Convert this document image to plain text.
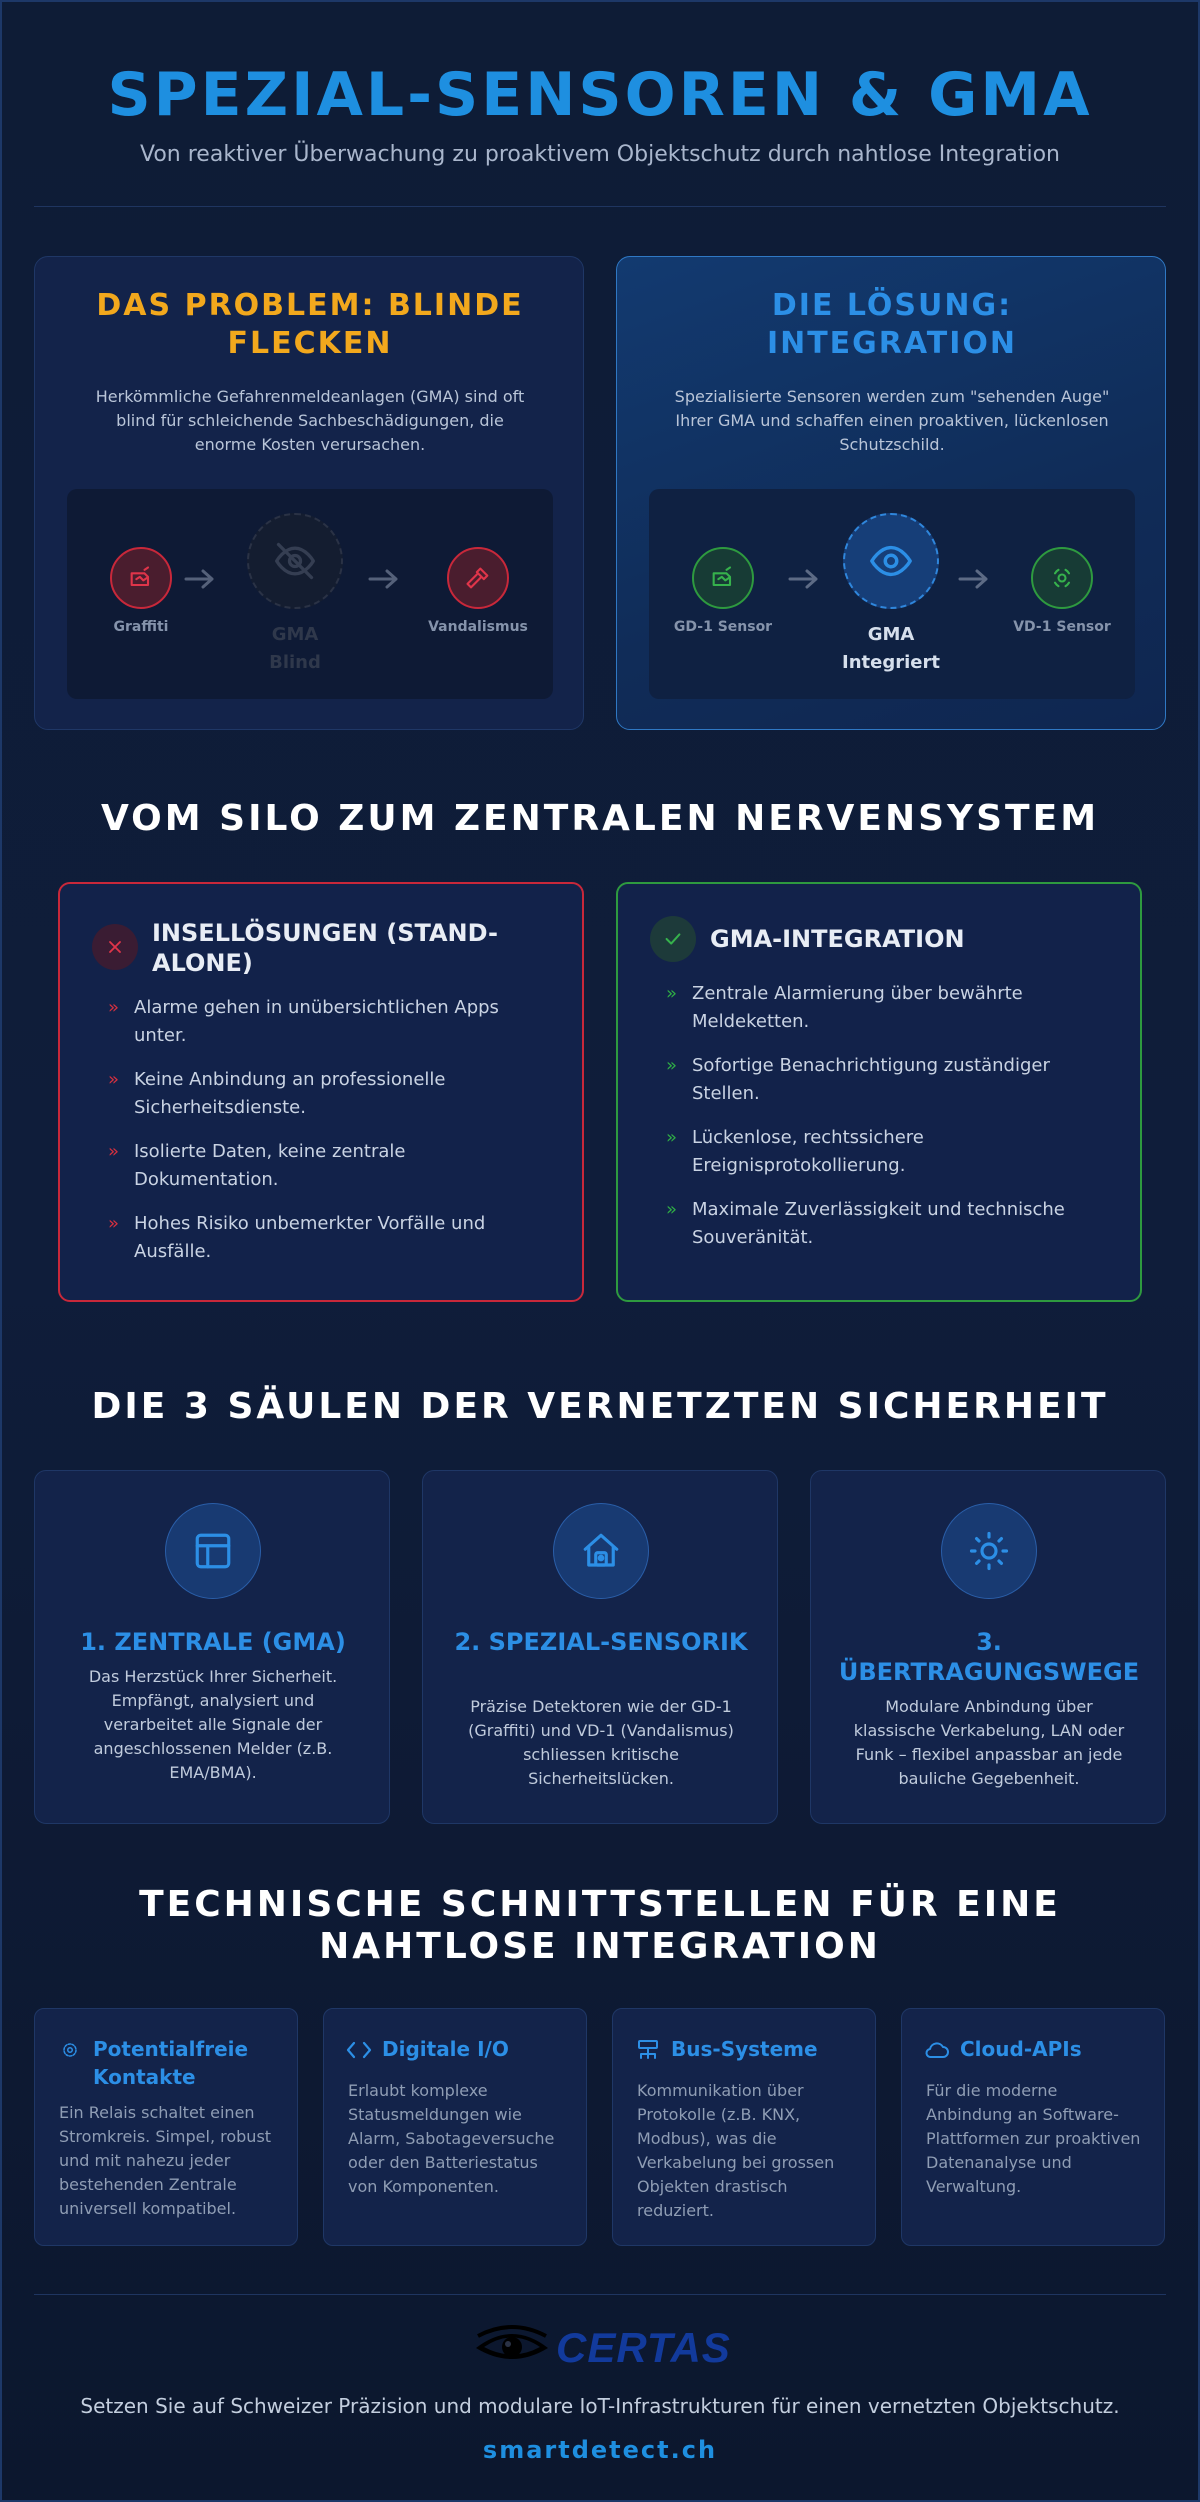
SPEZIAL-SENSOREN & GMA
Von reaktiver Überwachung zu proaktivem Objektschutz durch nahtlose Integration
DAS PROBLEM: BLINDE FLECKEN
Herkömmliche Gefahrenmeldeanlagen (GMA) sind oft blind für schleichende Sachbeschädigungen, die enorme Kosten verursachen.
Graffiti	GMA
Blind
Vandalismus
DIE LÖSUNG: INTEGRATION
Spezialisierte Sensoren werden zum "sehenden Auge" Ihrer GMA und schaffen einen proaktiven, lückenlosen Schutzschild.
GD-1 Sensor	GMA
Integriert
VD-1 Sensor
VOM SILO ZUM ZENTRALEN NERVENSYSTEM
INSELLÖSUNGEN (STAND-ALONE)
» Alarme gehen in unübersichtlichen Apps unter.
» Keine Anbindung an professionelle Sicherheitsdienste.
» Isolierte Daten, keine zentrale Dokumentation.
» Hohes Risiko unbemerkter Vorfälle und Ausfälle.
GMA-INTEGRATION
» Zentrale Alarmierung über bewährte Meldeketten.
» Sofortige Benachrichtigung zuständiger Stellen.
» Lückenlose, rechtssichere Ereignisprotokollierung.
» Maximale Zuverlässigkeit und technische Souveränität.
DIE 3 SÄULEN DER VERNETZTEN SICHERHEIT
1. ZENTRALE (GMA)
Das Herzstück Ihrer Sicherheit. Empfängt, analysiert und verarbeitet alle Signale der angeschlossenen Melder (z.B. EMA/BMA).
2. SPEZIAL-SENSORIK
Präzise Detektoren wie der GD-1 (Graffiti) und VD-1 (Vandalismus) schliessen kritische Sicherheitslücken.
3. ÜBERTRAGUNGSWEGE
Modulare Anbindung über klassische Verkabelung, LAN oder Funk – flexibel anpassbar an jede bauliche Gegebenheit.
TECHNISCHE SCHNITTSTELLEN FÜR EINE NAHTLOSE INTEGRATION
Potentialfreie Kontakte
Ein Relais schaltet einen Stromkreis. Simpel, robust und mit nahezu jeder bestehenden Zentrale universell kompatibel.
Digitale I/O
Erlaubt komplexe Statusmeldungen wie Alarm, Sabotageversuche oder den Batteriestatus von Komponenten.
Bus-Systeme
Kommunikation über Protokolle (z.B. KNX, Modbus), was die Verkabelung bei grossen Objekten drastisch reduziert.
Cloud-APIs
Für die moderne Anbindung an Software-Plattformen zur proaktiven Datenanalyse und Verwaltung.
CERTAS
Setzen Sie auf Schweizer Präzision und modulare IoT-Infrastrukturen für einen vernetzten Objektschutz.
smartdetect.ch
